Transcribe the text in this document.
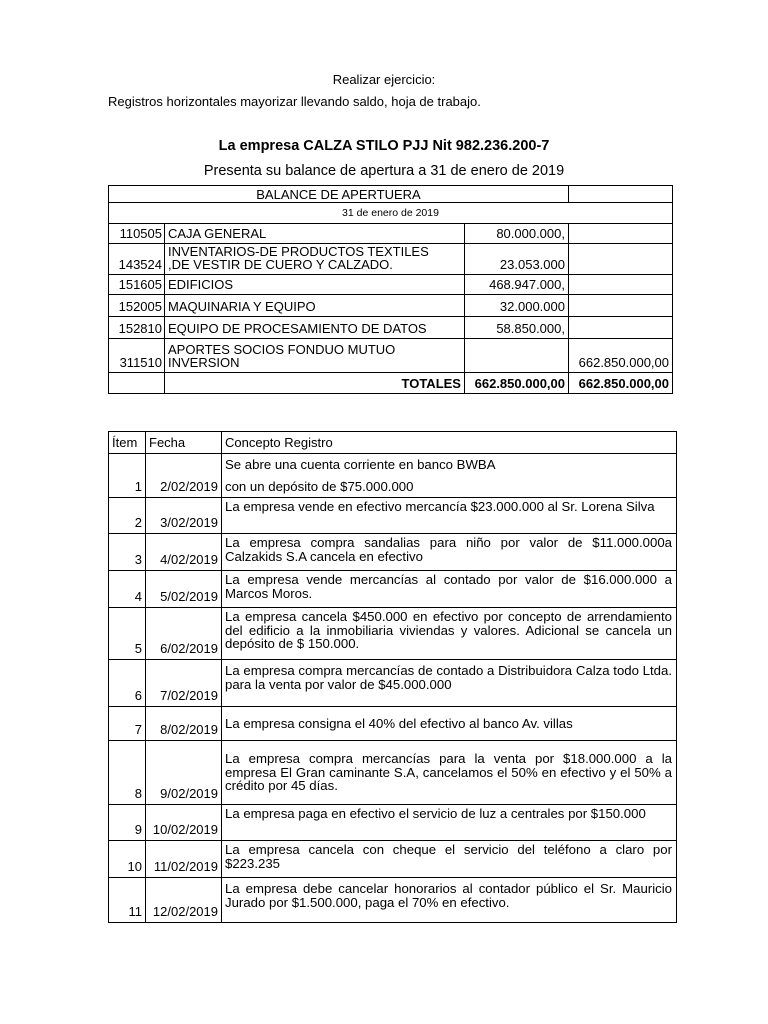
Realizar ejercicio:
Registros horizontales mayorizar llevando saldo, hoja de trabajo.
La empresa CALZA STILO PJJ Nit 982.236.200-7
Presenta su balance de apertura a 31 de enero de 2019
BALANCE DE APERTUERA			
31 de enero de 2019			
110505	CAJA GENERAL	80.000.000,	
143524	INVENTARIOS-DE PRODUCTOS TEXTILES
,DE VESTIR DE CUERO Y CALZADO.	23.053.000	
151605	EDIFICIOS	468.947.000,	
152005	MAQUINARIA Y EQUIPO	32.000.000	
152810	EQUIPO DE PROCESAMIENTO DE DATOS	58.850.000,	
311510	APORTES SOCIOS FONDUO MUTUO
INVERSION		662.850.000,00
	TOTALES	662.850.000,00	662.850.000,00
Ítem	Fecha	Concepto Registro
1	2/02/2019	Se abre una cuenta corriente en banco BWBA
con un depósito de $75.000.000

2	3/02/2019	La empresa vende en efectivo mercancía $23.000.000 al Sr. Lorena Silva
3	4/02/2019	La empresa compra sandalias para niño por valor de $11.000.000a Calzakids S.A cancela en efectivo
4	5/02/2019	La empresa vende mercancías al contado por valor de $16.000.000 a Marcos Moros.
5	6/02/2019	La empresa cancela $450.000 en efectivo por concepto de arrendamiento del edificio a la inmobiliaria viviendas y valores. Adicional se cancela un depósito de $ 150.000.
6	7/02/2019	La empresa compra mercancías de contado a Distribuidora Calza todo Ltda. para la venta por valor de $45.000.000
7	8/02/2019	La empresa consigna el 40% del efectivo al banco Av. villas
8	9/02/2019	La empresa compra mercancías para la venta por $18.000.000 a la empresa El Gran caminante S.A, cancelamos el 50% en efectivo y el 50% a crédito por 45 días.
9	10/02/2019	La empresa paga en efectivo el servicio de luz a centrales por $150.000
10	11/02/2019	La empresa cancela con cheque el servicio del teléfono a claro por $223.235
11	12/02/2019	La empresa debe cancelar honorarios al contador público el Sr. Mauricio Jurado por $1.500.000, paga el 70% en efectivo.
